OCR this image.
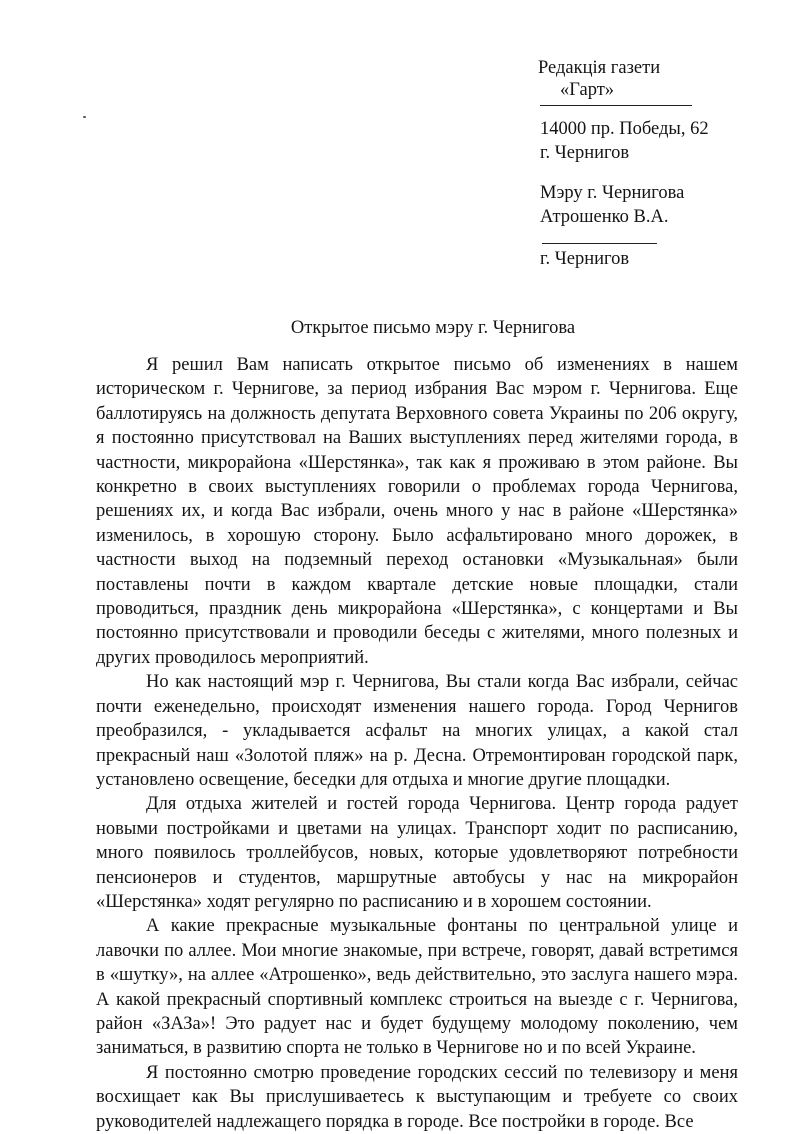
Редакція газети
«Гарт»
14000 пр. Победы, 62
г. Чернигов
Мэру г. Чернигова
Атрошенко В.А.
г. Чернигов
Открытое письмо мэру г. Чернигова

Я решил Вам написать открытое письмо об изменениях в нашем историческом г. Чернигове, за период избрания Вас мэром г. Чернигова. Еще баллотируясь на должность депутата Верховного совета Украины по 206 округу, я постоянно присутствовал на Ваших выступлениях перед жителями города, в частности, микрорайона «Шерстянка», так как я проживаю в этом районе. Вы конкретно в своих выступлениях говорили о проблемах города Чернигова, решениях их, и когда Вас избрали, очень много у нас в районе «Шерстянка» изменилось, в хорошую сторону. Было асфальтировано много дорожек, в частности выход на подземный переход остановки «Музыкальная» были поставлены почти в каждом квартале детские новые площадки, стали проводиться, праздник день микрорайона «Шерстянка», с концертами и Вы постоянно присутствовали и проводили беседы с жителями, много полезных и других проводилось мероприятий.

Но как настоящий мэр г. Чернигова, Вы стали когда Вас избрали, сейчас почти еженедельно, происходят изменения нашего города. Город Чернигов преобразился, - укладывается асфальт на многих улицах, а какой стал прекрасный наш «Золотой пляж» на р. Десна. Отремонтирован городской парк, установлено освещение, беседки для отдыха и многие другие площадки.

Для отдыха жителей и гостей города Чернигова. Центр города радует новыми постройками и цветами на улицах. Транспорт ходит по расписанию, много появилось троллейбусов, новых, которые удовлетворяют потребности пенсионеров и студентов, маршрутные автобусы у нас на микрорайон «Шерстянка» ходят регулярно по расписанию и в хорошем состоянии.

А какие прекрасные музыкальные фонтаны по центральной улице и лавочки по аллее. Мои многие знакомые, при встрече, говорят, давай встретимся в «шутку», на аллее «Атрошенко», ведь действительно, это заслуга нашего мэра. А какой прекрасный спортивный комплекс строиться на выезде с г. Чернигова, район «ЗАЗа»! Это радует нас и будет будущему молодому поколению, чем заниматься, в развитию спорта не только в Чернигове но и по всей Украине.

Я постоянно смотрю проведение городских сессий по телевизору и меня восхищает как Вы прислушиваетесь к выступающим и требуете со своих руководителей надлежащего порядка в городе. Все постройки в городе. Все
